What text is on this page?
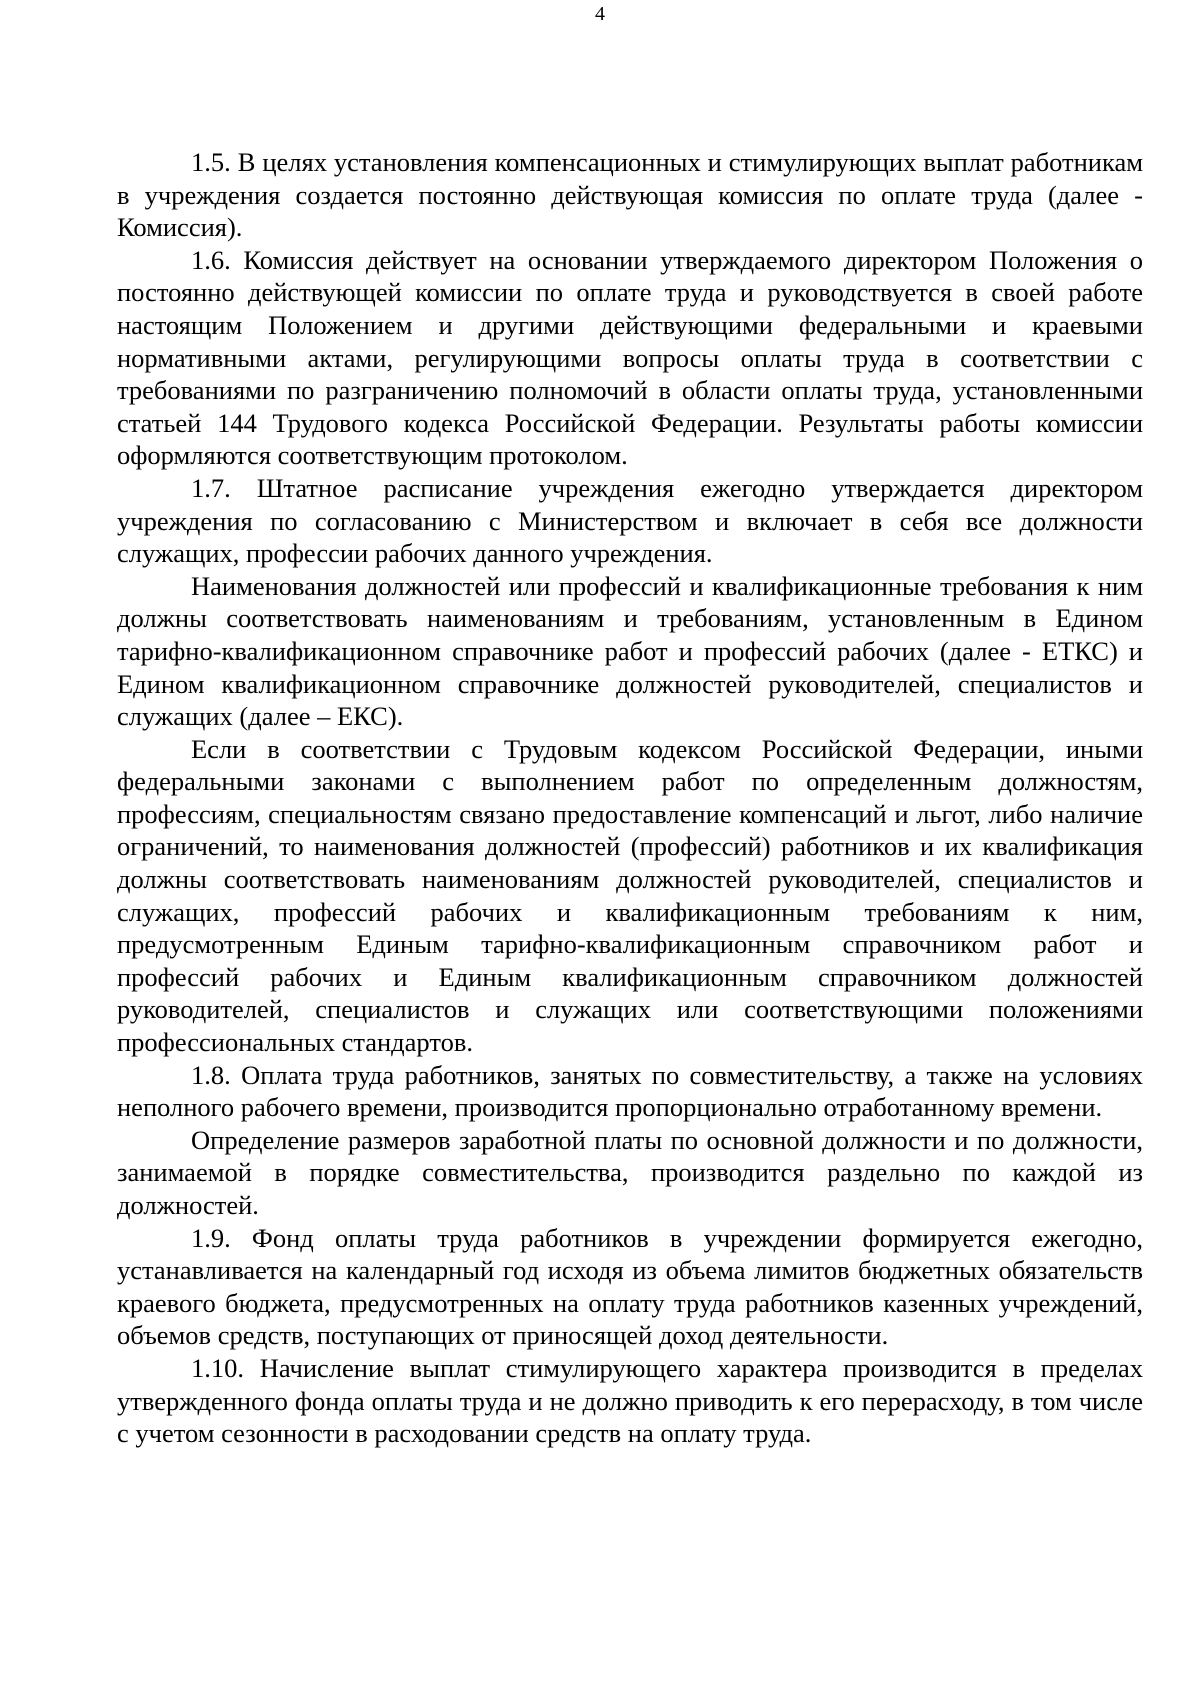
4

1.5. В целях установления компенсационных и стимулирующих выплат работникам в учреждения создается постоянно действующая комиссия по оплате труда (далее - Комиссия).

1.6. Комиссия действует на основании утверждаемого директором Положения о постоянно действующей комиссии по оплате труда и руководствуется в своей работе настоящим Положением и другими действующими федеральными и краевыми нормативными актами, регулирующими вопросы оплаты труда в соответствии с требованиями по разграничению полномочий в области оплаты труда, установленными статьей 144 Трудового кодекса Российской Федерации. Результаты работы комиссии оформляются соответствующим протоколом.

1.7. Штатное расписание учреждения ежегодно утверждается директором учреждения по согласованию с Министерством и включает в себя все должности служащих, профессии рабочих данного учреждения.

Наименования должностей или профессий и квалификационные требования к ним должны соответствовать наименованиям и требованиям, установленным в Едином тарифно-квалификационном справочнике работ и профессий рабочих (далее - ЕТКС) и Едином квалификационном справочнике должностей руководителей, специалистов и служащих (далее – ЕКС).

Если в соответствии с Трудовым кодексом Российской Федерации, иными федеральными законами с выполнением работ по определенным должностям, профессиям, специальностям связано предоставление компенсаций и льгот, либо наличие ограничений, то наименования должностей (профессий) работников и их квалификация должны соответствовать наименованиям должностей руководителей, специалистов и служащих, профессий рабочих и квалификационным требованиям к ним, предусмотренным Единым тарифно-квалификационным справочником работ и профессий рабочих и Единым квалификационным справочником должностей руководителей, специалистов и служащих или соответствующими положениями профессиональных стандартов.

1.8. Оплата труда работников, занятых по совместительству, а также на условиях неполного рабочего времени, производится пропорционально отработанному времени.

Определение размеров заработной платы по основной должности и по должности, занимаемой в порядке совместительства, производится раздельно по каждой из должностей.

1.9. Фонд оплаты труда работников в учреждении формируется ежегодно, устанавливается на календарный год исходя из объема лимитов бюджетных обязательств краевого бюджета, предусмотренных на оплату труда работников казенных учреждений, объемов средств, поступающих от приносящей доход деятельности.

1.10. Начисление выплат стимулирующего характера производится в пределах утвержденного фонда оплаты труда и не должно приводить к его перерасходу, в том числе с учетом сезонности в расходовании средств на оплату труда.
